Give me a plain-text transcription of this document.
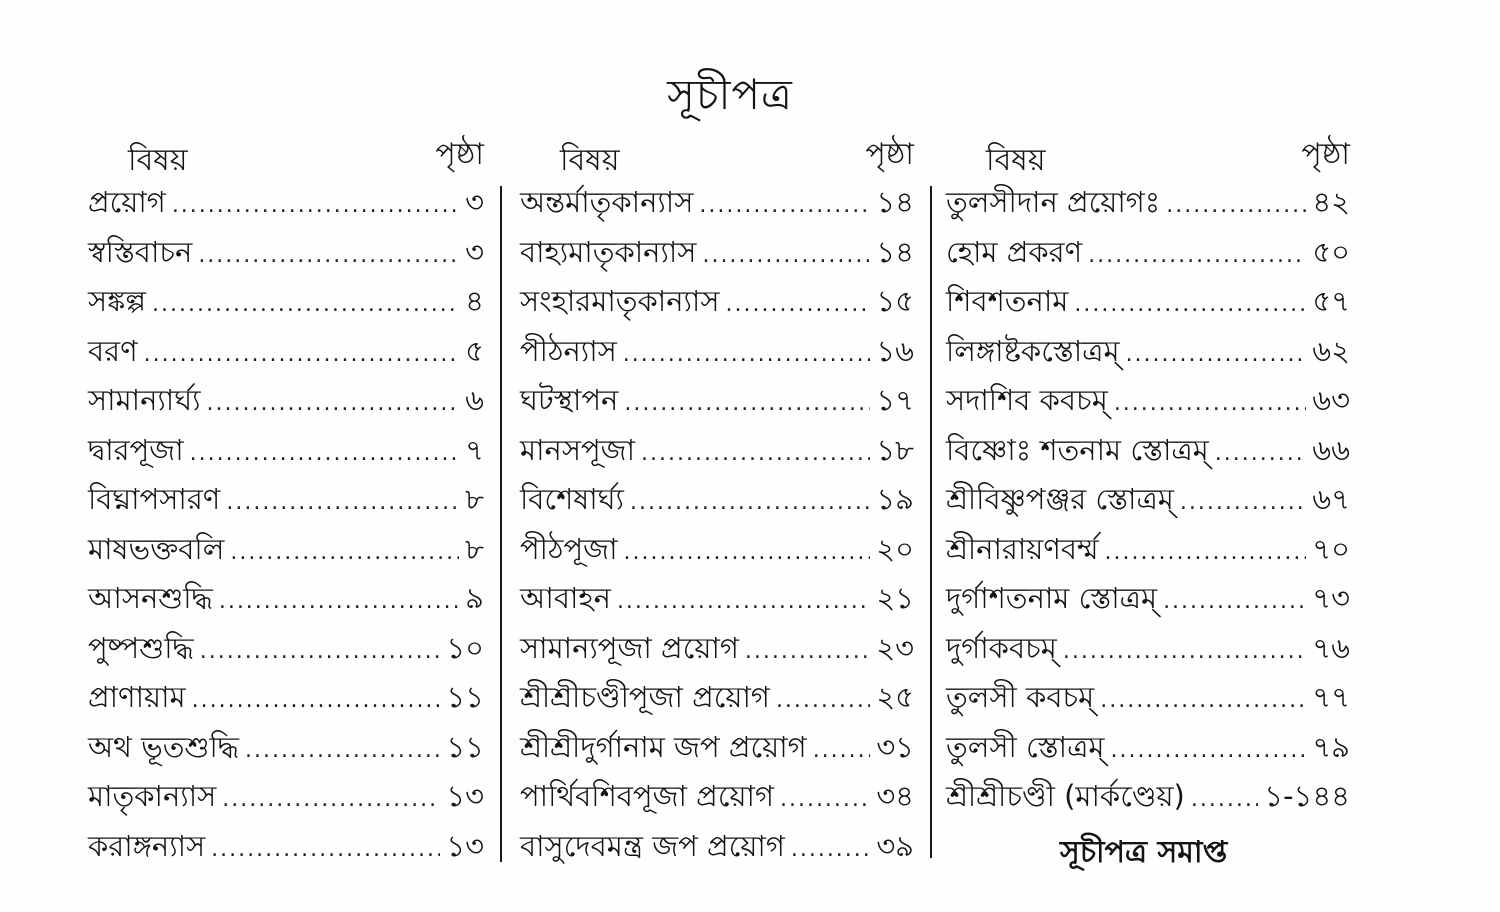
সূচীপত্র
বিষয়	পৃষ্ঠা
প্রয়োগ .....	৩
স্বস্তিবাচন .....	৩
সঙ্কল্প .....	৪
বরণ .....	৫
সামান্যার্ঘ্য .....	৬
দ্বারপূজা .....	৭
বিঘ্নাপসারণ .....	৮
মাষভক্তবলি .....	৮
আসনশুদ্ধি .....	৯
পুষ্পশুদ্ধি .....	১০
প্রাণায়াম .....	১১
অথ ভূতশুদ্ধি .....	১১
মাতৃকান্যাস .....	১৩
করাঙ্গন্যাস .....	১৩
বিষয়	পৃষ্ঠা
অন্তর্মাতৃকান্যাস .....	১৪
বাহ্যমাতৃকান্যাস .....	১৪
সংহারমাতৃকান্যাস .....	১৫
পীঠন্যাস .....	১৬
ঘটস্থাপন .....	১৭
মানসপূজা .....	১৮
বিশেষার্ঘ্য .....	১৯
পীঠপূজা .....	২০
আবাহন .....	২১
সামান্যপূজা প্রয়োগ .....	২৩
শ্রীশ্রীচণ্ডীপূজা প্রয়োগ .....	২৫
শ্রীশ্রীদুর্গানাম জপ প্রয়োগ ..... ৩১
পার্থিবশিবপূজা প্রয়োগ .....	৩৪
বাসুদেবমন্ত্র জপ প্রয়োগ .....	৩৯
বিষয়	পৃষ্ঠা
তুলসীদান প্রয়োগঃ .....	৪২
হোম প্রকরণ .....	৫০
শিবশতনাম .....	৫৭
লিঙ্গাষ্টকস্তোত্রম্ .....	৬২
সদাশিব কবচম্ .....	৬৩
বিষ্ণোঃ শতনাম স্তোত্রম্ .....	৬৬
শ্রীবিষ্ণুপঞ্জর স্তোত্রম্ .....	৬৭
শ্রীনারায়ণবর্ম্ম .....	৭০
দুর্গাশতনাম স্তোত্রম্ .....	৭৩
দুর্গাকবচম্ .....	৭৬
তুলসী কবচম্ .....	৭৭
তুলসী স্তোত্রম্ .....	৭৯
শ্রীশ্রীচণ্ডী (মার্কণ্ডেয়) .....	১-১৪৪
সূচীপত্র সমাপ্ত
